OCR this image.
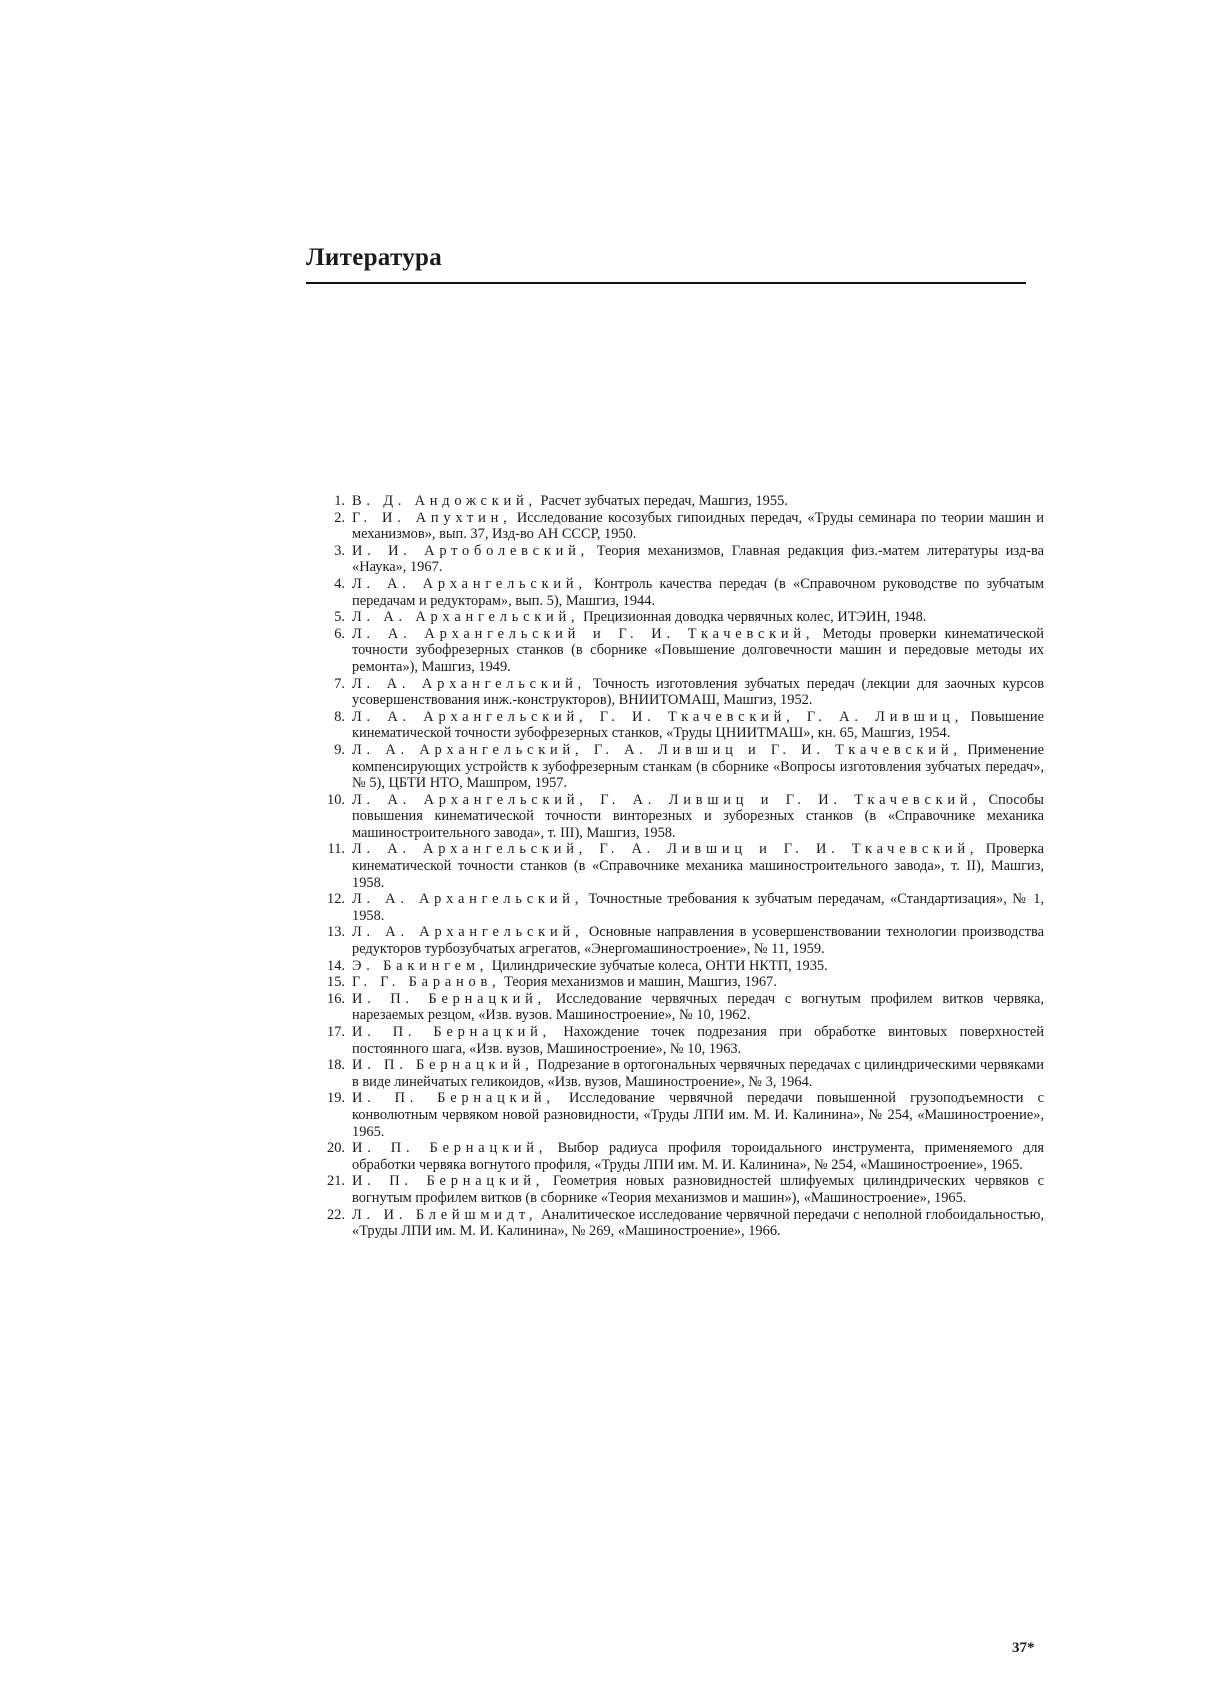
Литература
1. В. Д. Андожский, Расчет зубчатых передач, Машгиз, 1955.
2. Г. И. Апухтин, Исследование косозубых гипоидных передач, «Труды семинара по теории машин и механизмов», вып. 37, Изд-во АН СССР, 1950.
3. И. И. Артоболевский, Теория механизмов, Главная редакция физ.-матем литературы изд-ва «Наука», 1967.
4. Л. А. Архангельский, Контроль качества передач (в «Справочном руководстве по зубчатым передачам и редукторам», вып. 5), Машгиз, 1944.
5. Л. А. Архангельский, Прецизионная доводка червячных колес, ИТЭИН, 1948.
6. Л. А. Архангельский и Г. И. Ткачевский, Методы проверки кинематической точности зубофрезерных станков (в сборнике «Повышение долговечности машин и передовые методы их ремонта»), Машгиз, 1949.
7. Л. А. Архангельский, Точность изготовления зубчатых передач (лекции для заочных курсов усовершенствования инж.-конструкторов), ВНИИТОМАШ, Машгиз, 1952.
8. Л. А. Архангельский, Г. И. Ткачевский, Г. А. Лившиц, Повышение кинематической точности зубофрезерных станков, «Труды ЦНИИТМАШ», кн. 65, Машгиз, 1954.
9. Л. А. Архангельский, Г. А. Лившиц и Г. И. Ткачевский, Применение компенсирующих устройств к зубофрезерным станкам (в сборнике «Вопросы изготовления зубчатых передач», № 5), ЦБТИ НТО, Машпром, 1957.
10. Л. А. Архангельский, Г. А. Лившиц и Г. И. Ткачевский, Способы повышения кинематической точности винторезных и зуборезных станков (в «Справочнике механика машиностроительного завода», т. III), Машгиз, 1958.
11. Л. А. Архангельский, Г. А. Лившиц и Г. И. Ткачевский, Проверка кинематической точности станков (в «Справочнике механика машиностроительного завода», т. II), Машгиз, 1958.
12. Л. А. Архангельский, Точностные требования к зубчатым передачам, «Стандартизация», № 1, 1958.
13. Л. А. Архангельский, Основные направления в усовершенствовании технологии производства редукторов турбозубчатых агрегатов, «Энергомашиностроение», № 11, 1959.
14. Э. Бакингем, Цилиндрические зубчатые колеса, ОНТИ НКТП, 1935.
15. Г. Г. Баранов, Теория механизмов и машин, Машгиз, 1967.
16. И. П. Бернацкий, Исследование червячных передач с вогнутым профилем витков червяка, нарезаемых резцом, «Изв. вузов. Машиностроение», № 10, 1962.
17. И. П. Бернацкий, Нахождение точек подрезания при обработке винтовых поверхностей постоянного шага, «Изв. вузов, Машиностроение», № 10, 1963.
18. И. П. Бернацкий, Подрезание в ортогональных червячных передачах с цилиндрическими червяками в виде линейчатых геликоидов, «Изв. вузов, Машиностроение», № 3, 1964.
19. И. П. Бернацкий, Исследование червячной передачи повышенной грузоподъемности с конволютным червяком новой разновидности, «Труды ЛПИ им. М. И. Калинина», № 254, «Машиностроение», 1965.
20. И. П. Бернацкий, Выбор радиуса профиля тороидального инструмента, применяемого для обработки червяка вогнутого профиля, «Труды ЛПИ им. М. И. Калинина», № 254, «Машиностроение», 1965.
21. И. П. Бернацкий, Геометрия новых разновидностей шлифуемых цилиндрических червяков с вогнутым профилем витков (в сборнике «Теория механизмов и машин»), «Машиностроение», 1965.
22. Л. И. Блейшмидт, Аналитическое исследование червячной передачи с неполной глобоидальностью, «Труды ЛПИ им. М. И. Калинина», № 269, «Машиностроение», 1966.
37*
